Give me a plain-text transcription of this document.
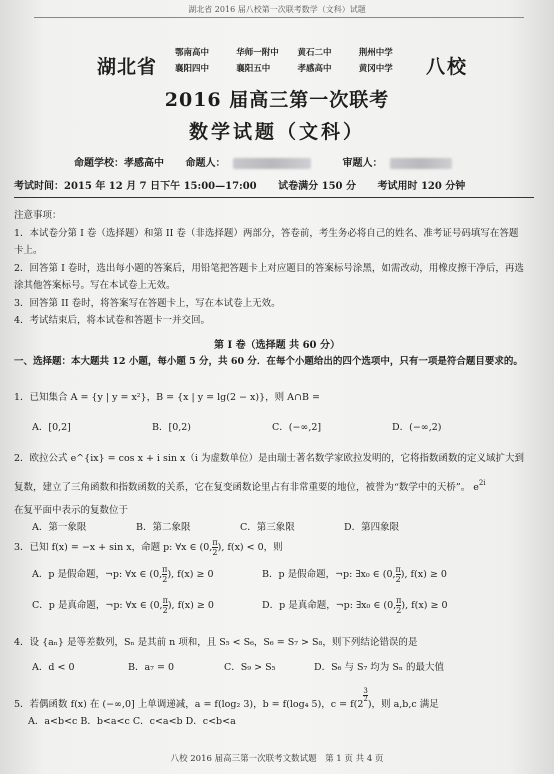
湖北省 2016 届八校第一次联考数学（文科）试题
湖北省
鄂南高中	华师一附中	黄石二中	荆州中学
襄阳四中	襄阳五中	孝感高中	黄冈中学	八校
2016 届高三第一次联考
数学试题（文科）
命题学校：孝感高中 命题人：	审题人：
考试时间：2015 年 12 月 7 日下午 15:00—17:00 试卷满分 150 分 考试用时 120 分钟

注意事项：

1．本试卷分第 I 卷（选择题）和第 II 卷（非选择题）两部分，答卷前，考生务必将自己的姓名、准考证号码填写在答题卡上。

2．回答第 I 卷时，选出每小题的答案后，用铅笔把答题卡上对应题目的答案标号涂黑，如需改动，用橡皮擦干净后，再选涂其他答案标号。写在本试卷上无效。

3．回答第 II 卷时，将答案写在答题卡上，写在本试卷上无效。

4．考试结束后，将本试卷和答题卡一并交回。

第 I 卷（选择题 共 60 分）
一、选择题：本大题共 12 小题，每小题 5 分，共 60 分．在每个小题给出的四个选项中，只有一项是符合题目要求的。

1．已知集合 A = {y | y = x²}，B = {x | y = lg(2 − x)}，则 A∩B =

A．[0,2]	B．[0,2)	C．(−∞,2]	D．(−∞,2)

2．欧拉公式 e^{ix} = cos x + i sin x（i 为虚数单位）是由瑞士著名数学家欧拉发明的，它将指数函数的定义域扩大到

复数，建立了三角函数和指数函数的关系，它在复变函数论里占有非常重要的地位，被誉为“数学中的天桥”。 $e^{2i}$

在复平面中表示的复数位于

A．第一象限	B．第二象限	C．第三象限	D．第四象限

3．已知 f(x) = −x + sin x，命题 p: ∀x ∈ ($0,\frac{\pi}{2}$ ), f(x) < 0，则

A．p 是假命题，¬p: ∀x ∈ ($0,\frac{\pi}{2}$ ), f(x) ≥ 0	B．p 是假命题，¬p: ∃x₀ ∈ ($0,\frac{\pi}{2}$ ), f(x) ≥ 0
C．p 是真命题，¬p: ∀x ∈ ($0,\frac{\pi}{2}$ ), f(x) ≥ 0	D．p 是真命题，¬p: ∃x₀ ∈ ($0,\frac{\pi}{2}$ ), f(x) ≥ 0

4．设 {aₙ} 是等差数列，Sₙ 是其前 n 项和，且 S₅ < S₆，S₆ = S₇ > S₈，则下列结论错误的是

A．d < 0	B．a₇ = 0	C．S₉ > S₅	D．S₆ 与 S₇ 均为 Sₙ 的最大值

5．若偶函数 f(x) 在 (−∞,0] 上单调递减，a = f(log₂ 3)，b = f(log₄ 5)，$c = f(2\frac{3}{2}$
)，则 a,b,c 满足

A．a<b<c B．b<a<c C．c<a<b D．c<b<a

八校 2016 届高三第一次联考文数试题　第 1 页 共 4 页
